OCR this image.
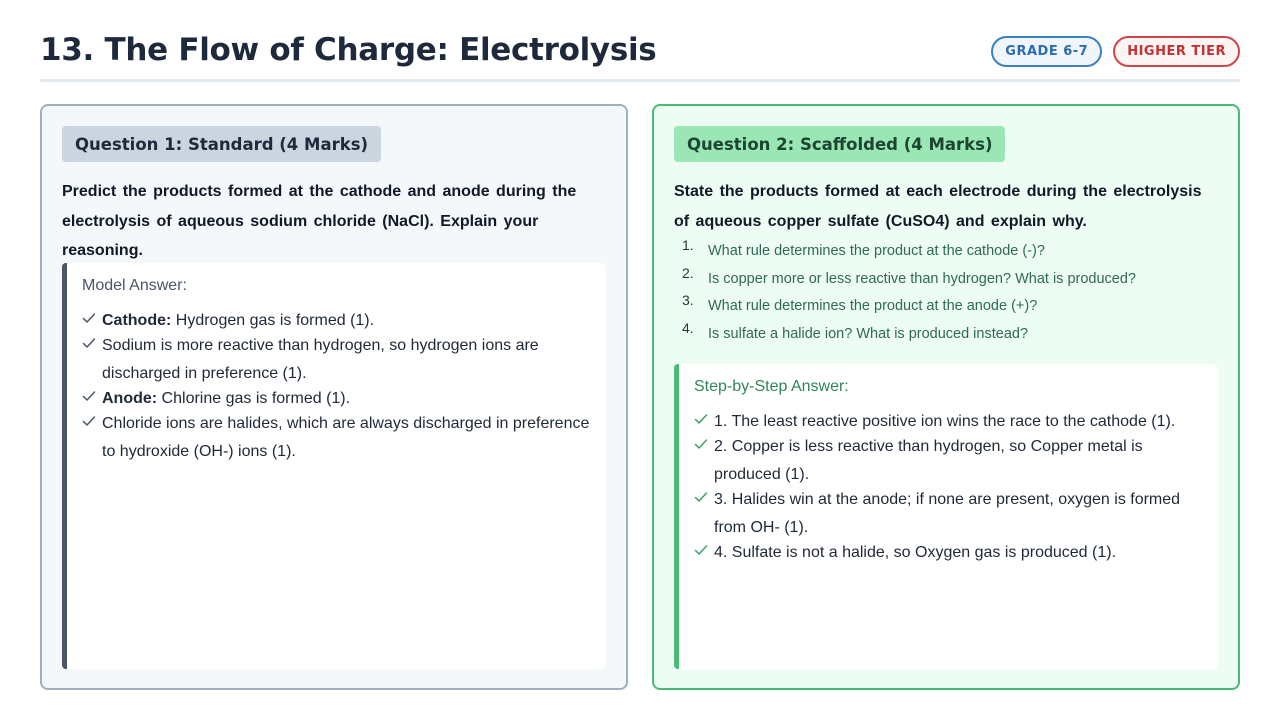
13. The Flow of Charge: Electrolysis	GRADE 6-7	HIGHER TIER
Question 1: Standard (4 Marks)

Predict the products formed at the cathode and anode during the electrolysis of aqueous sodium chloride (NaCl). Explain your reasoning.

Model Answer:
Cathode: Hydrogen gas is formed (1).
Sodium is more reactive than hydrogen, so hydrogen ions are discharged in preference (1).
Anode: Chlorine gas is formed (1).
Chloride ions are halides, which are always discharged in preference to hydroxide (OH-) ions (1).
Question 2: Scaffolded (4 Marks)

State the products formed at each electrode during the electrolysis of aqueous copper sulfate (CuSO4) and explain why.

1. What rule determines the product at the cathode (-)?
2. Is copper more or less reactive than hydrogen? What is produced?
3. What rule determines the product at the anode (+)?
4. Is sulfate a halide ion? What is produced instead?
Step-by-Step Answer:
1. The least reactive positive ion wins the race to the cathode (1).
2. Copper is less reactive than hydrogen, so Copper metal is produced (1).
3. Halides win at the anode; if none are present, oxygen is formed from OH- (1).
4. Sulfate is not a halide, so Oxygen gas is produced (1).
